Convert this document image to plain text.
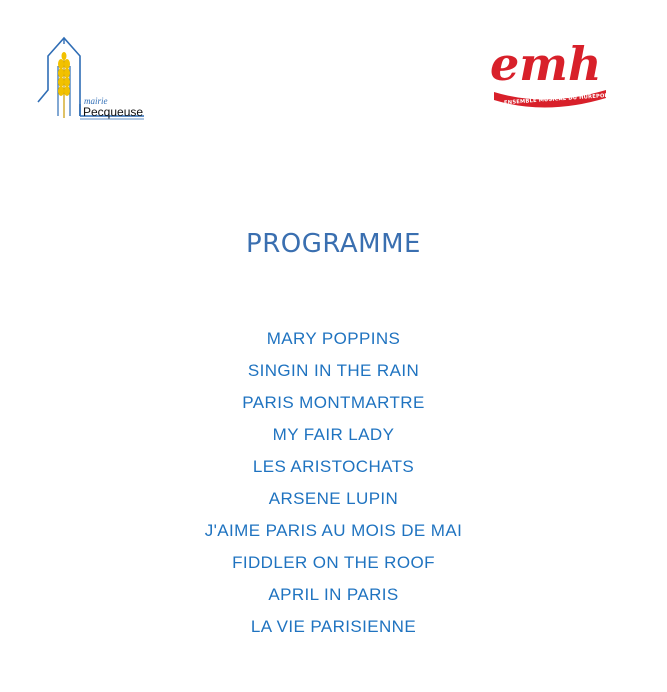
mairie
Pecqueuse
emh
ENSEMBLE MUSICAL DU HUREPOIX
PROGRAMME
MARY POPPINS
SINGIN IN THE RAIN
PARIS MONTMARTRE
MY FAIR LADY
LES ARISTOCHATS
ARSENE LUPIN
J'AIME PARIS AU MOIS DE MAI
FIDDLER ON THE ROOF
APRIL IN PARIS
LA VIE PARISIENNE
